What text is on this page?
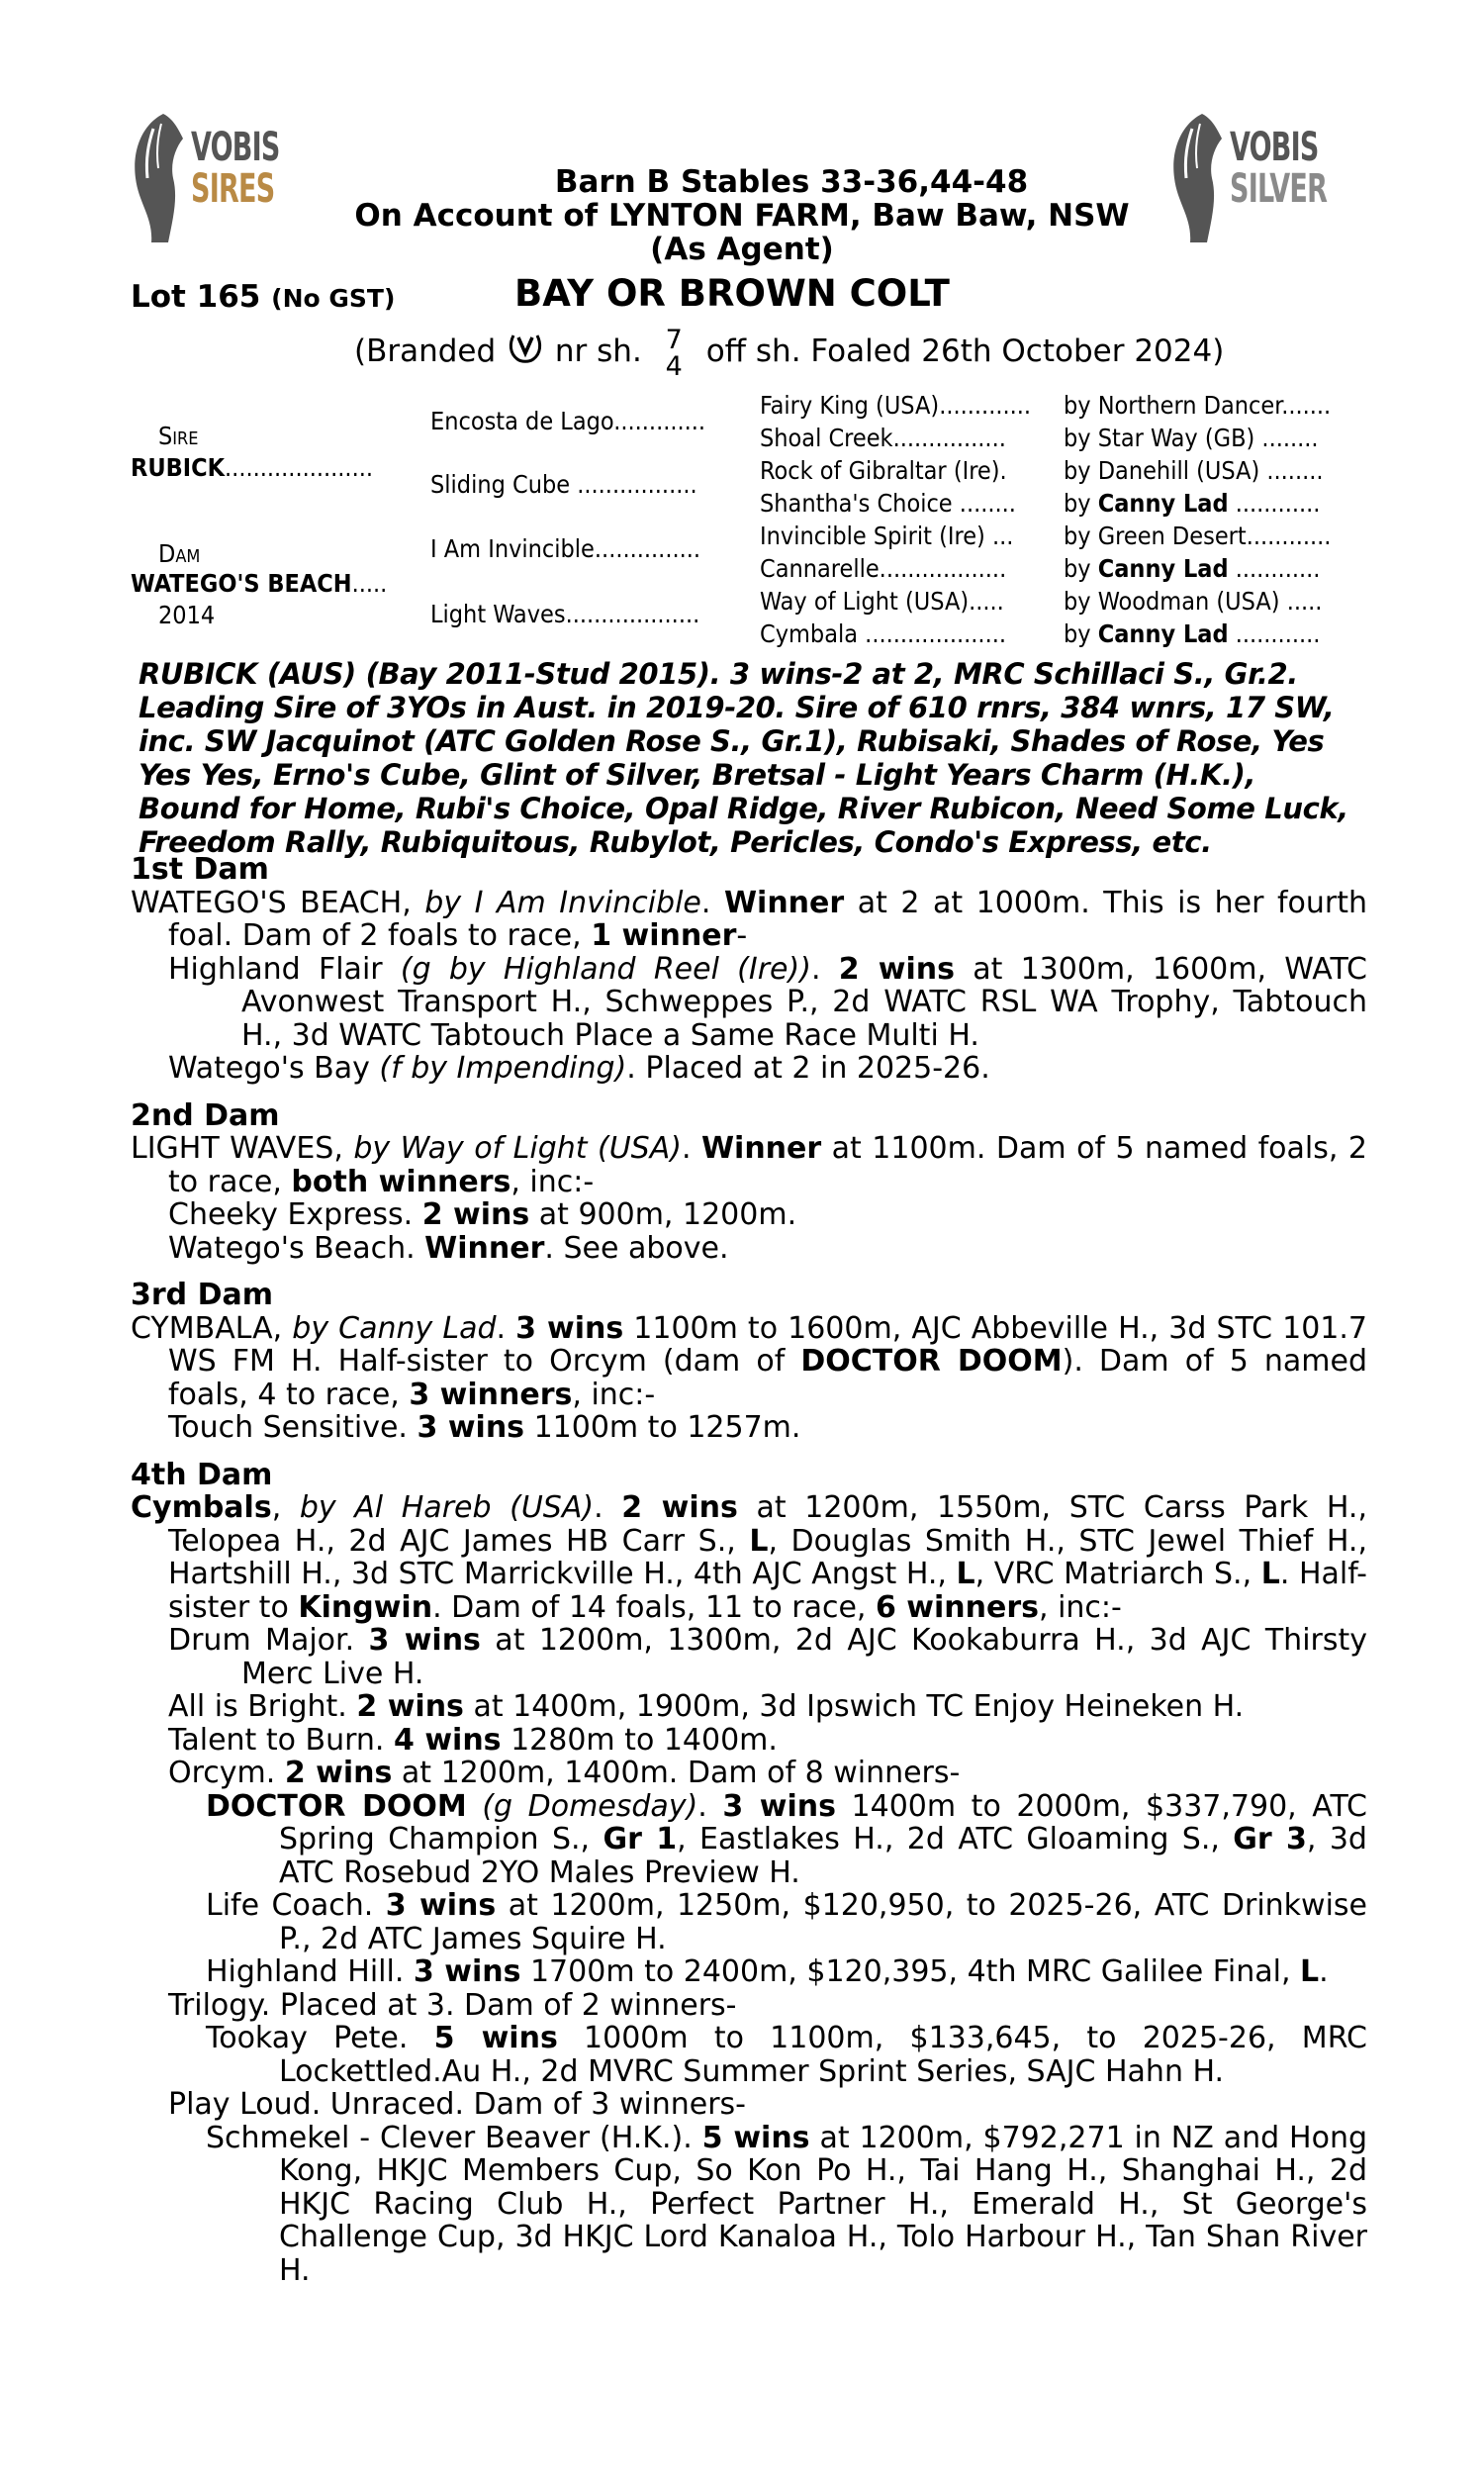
VOBIS
SIRES
VOBIS
SILVER
Barn B Stables 33-36,44-48
On Account of LYNTON FARM, Baw Baw, NSW
(As Agent)
Lot 165 (No GST)	BAY OR BROWN COLT
(Branded nr sh. 7
4 off sh. Foaled 26th October 2024)
Sire
RUBICK.....................
Dam
WATEGO'S BEACH.....
2014
Encosta de Lago.............
Sliding Cube .................
I Am Invincible...............
Light Waves...................
Fairy King (USA).............
Shoal Creek................
Rock of Gibraltar (Ire).
Shantha's Choice ........
Invincible Spirit (Ire) ...
Cannarelle..................
Way of Light (USA).....
Cymbala ....................
by Northern Dancer.......
by Star Way (GB) ........
by Danehill (USA) ........
by Canny Lad ............
by Green Desert............
by Canny Lad ............
by Woodman (USA) .....
by Canny Lad ............
RUBICK (AUS) (Bay 2011-Stud 2015). 3 wins-2 at 2, MRC Schillaci S., Gr.2. Leading Sire of 3YOs in Aust. in 2019-20. Sire of 610 rnrs, 384 wnrs, 17 SW, inc. SW Jacquinot (ATC Golden Rose S., Gr.1), Rubisaki, Shades of Rose, Yes Yes Yes, Erno's Cube, Glint of Silver, Bretsal - Light Years Charm (H.K.), Bound for Home, Rubi's Choice, Opal Ridge, River Rubicon, Need Some Luck, Freedom Rally, Rubiquitous, Rubylot, Pericles, Condo's Express, etc.
1st Dam
WATEGO'S BEACH, by I Am Invincible. Winner at 2 at 1000m. This is her fourth foal. Dam of 2 foals to race, 1 winner-
Highland Flair (g by Highland Reel (Ire)). 2 wins at 1300m, 1600m, WATC Avonwest Transport H., Schweppes P., 2d WATC RSL WA Trophy, Tabtouch H., 3d WATC Tabtouch Place a Same Race Multi H.
Watego's Bay (f by Impending). Placed at 2 in 2025-26.
2nd Dam
LIGHT WAVES, by Way of Light (USA). Winner at 1100m. Dam of 5 named foals, 2 to race, both winners, inc:-
Cheeky Express. 2 wins at 900m, 1200m.
Watego's Beach. Winner. See above.
3rd Dam
CYMBALA, by Canny Lad. 3 wins 1100m to 1600m, AJC Abbeville H., 3d STC 101.7 WS FM H. Half-sister to Orcym (dam of DOCTOR DOOM). Dam of 5 named foals, 4 to race, 3 winners, inc:-
Touch Sensitive. 3 wins 1100m to 1257m.
4th Dam
Cymbals, by Al Hareb (USA). 2 wins at 1200m, 1550m, STC Carss Park H., Telopea H., 2d AJC James HB Carr S., L, Douglas Smith H., STC Jewel Thief H., Hartshill H., 3d STC Marrickville H., 4th AJC Angst H., L, VRC Matriarch S., L. Half-sister to Kingwin. Dam of 14 foals, 11 to race, 6 winners, inc:-
Drum Major. 3 wins at 1200m, 1300m, 2d AJC Kookaburra H., 3d AJC Thirsty Merc Live H.
All is Bright. 2 wins at 1400m, 1900m, 3d Ipswich TC Enjoy Heineken H.
Talent to Burn. 4 wins 1280m to 1400m.
Orcym. 2 wins at 1200m, 1400m. Dam of 8 winners-
DOCTOR DOOM (g Domesday). 3 wins 1400m to 2000m, $337,790, ATC Spring Champion S., Gr 1, Eastlakes H., 2d ATC Gloaming S., Gr 3, 3d ATC Rosebud 2YO Males Preview H.
Life Coach. 3 wins at 1200m, 1250m, $120,950, to 2025-26, ATC Drinkwise P., 2d ATC James Squire H.
Highland Hill. 3 wins 1700m to 2400m, $120,395, 4th MRC Galilee Final, L.
Trilogy. Placed at 3. Dam of 2 winners-
Tookay Pete. 5 wins 1000m to 1100m, $133,645, to 2025-26, MRC Lockettled.Au H., 2d MVRC Summer Sprint Series, SAJC Hahn H.
Play Loud. Unraced. Dam of 3 winners-
Schmekel - Clever Beaver (H.K.). 5 wins at 1200m, $792,271 in NZ and Hong Kong, HKJC Members Cup, So Kon Po H., Tai Hang H., Shanghai H., 2d HKJC Racing Club H., Perfect Partner H., Emerald H., St George's Challenge Cup, 3d HKJC Lord Kanaloa H., Tolo Harbour H., Tan Shan River H.
